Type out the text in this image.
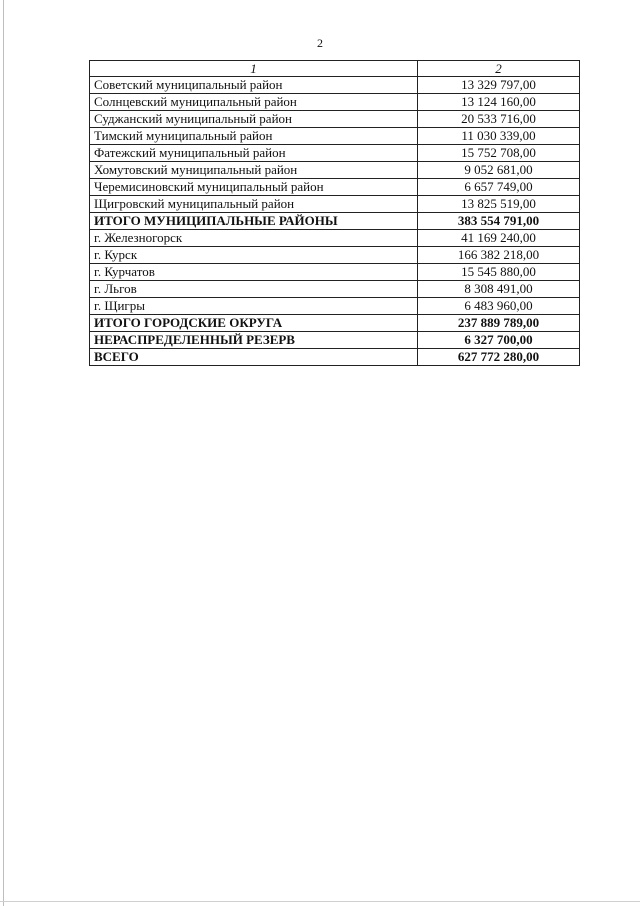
2
1	2
Советский муниципальный район	13 329 797,00
Солнцевский муниципальный район	13 124 160,00
Суджанский муниципальный район	20 533 716,00
Тимский муниципальный район	11 030 339,00
Фатежский муниципальный район	15 752 708,00
Хомутовский муниципальный район	9 052 681,00
Черемисиновский муниципальный район	6 657 749,00
Щигровский муниципальный район	13 825 519,00
ИТОГО МУНИЦИПАЛЬНЫЕ РАЙОНЫ	383 554 791,00
г. Железногорск	41 169 240,00
г. Курск	166 382 218,00
г. Курчатов	15 545 880,00
г. Льгов	8 308 491,00
г. Щигры	6 483 960,00
ИТОГО ГОРОДСКИЕ ОКРУГА	237 889 789,00
НЕРАСПРЕДЕЛЕННЫЙ РЕЗЕРВ	6 327 700,00
ВСЕГО	627 772 280,00
